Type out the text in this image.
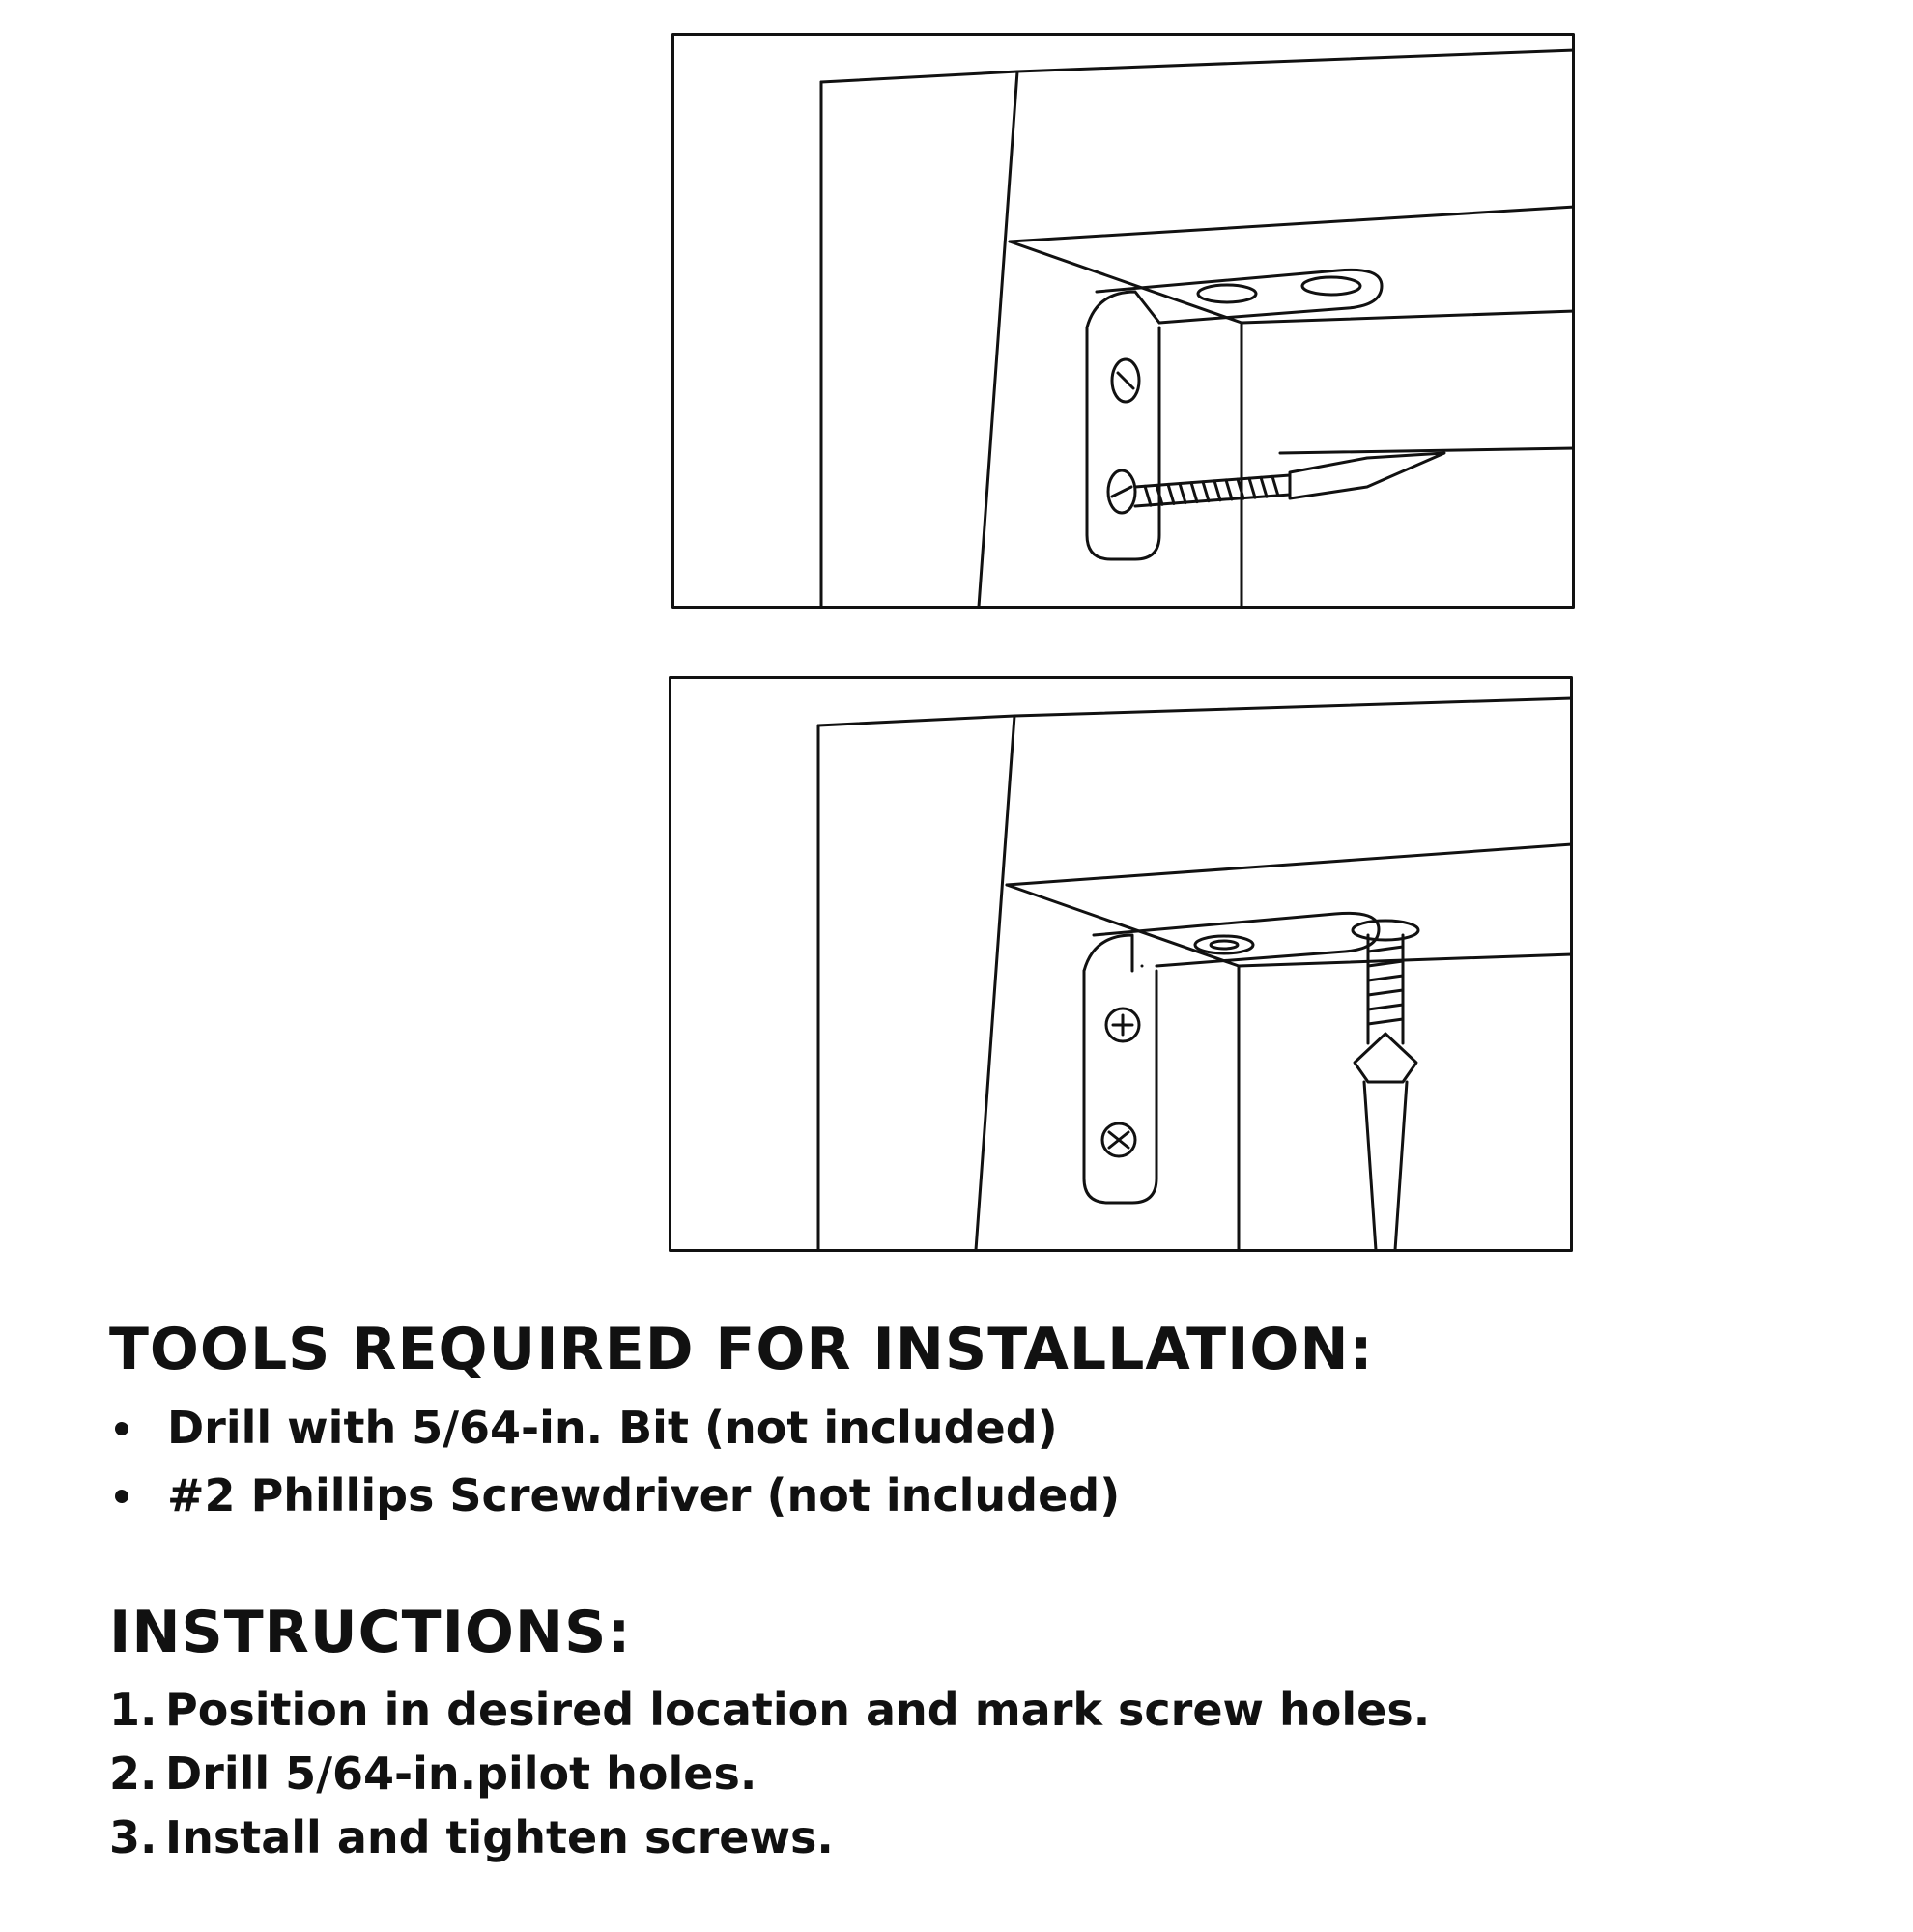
TOOLS REQUIRED FOR INSTALLATION:
Drill with 5/64-in. Bit (not included)
#2 Phillips Screwdriver (not included)
INSTRUCTIONS:
1. Position in desired location and mark screw holes.
2. Drill 5/64-in.pilot holes.
3. Install and tighten screws.
